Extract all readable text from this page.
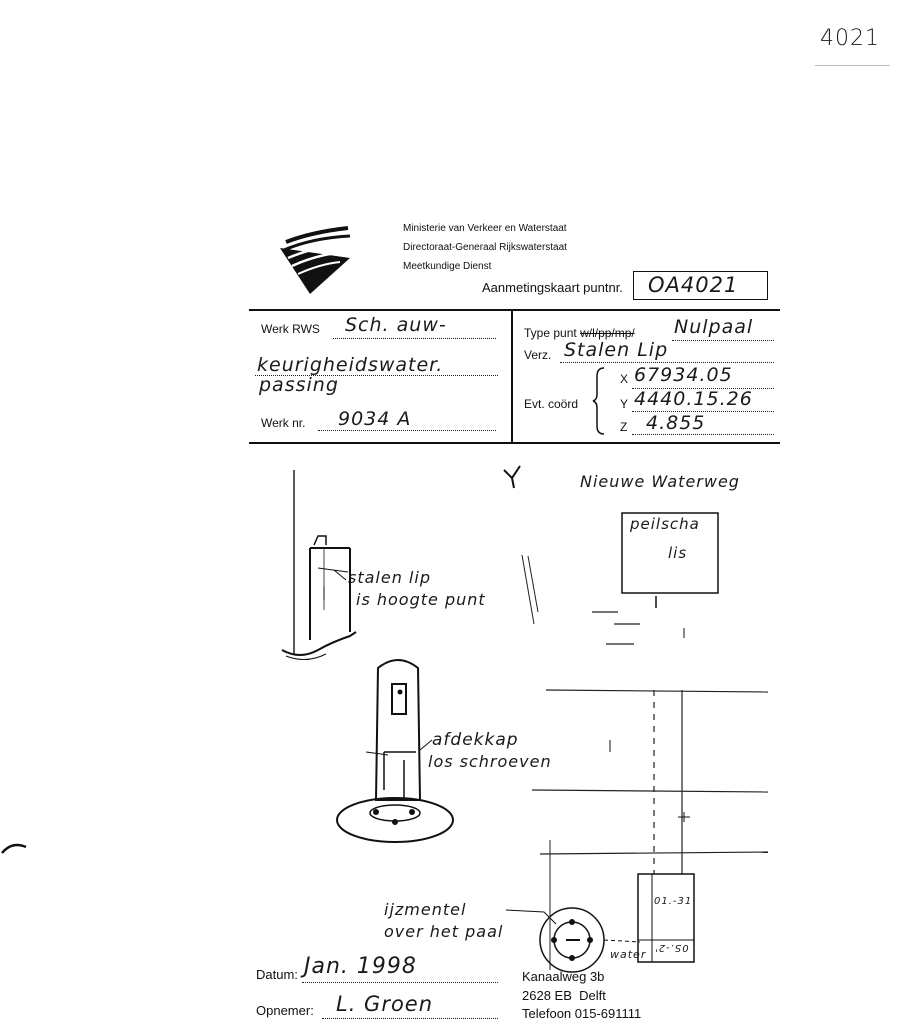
4021
Ministerie van Verkeer en Waterstaat
Directoraat-Generaal Rijkswaterstaat
Meetkundige Dienst
Aanmetingskaart puntnr. OA4021
Werk RWS Sch. auw-
keurigheidswater.
passing
Werk nr. 9034 A
Type punt w/l/pp/mp/ Nulpaal
Verz. Stalen Lip
Evt. coörd
X 67934.05
Y 4440.15.26
Z 4.855
Nieuwe Waterweg
peilscha
lis
stalen lip
is hoogte punt
afdekkap
los schroeven
ijzmentel
over het paal
water
01.-31
0S.-2'
Datum: Jan. 1998
Opnemer: L. Groen
Kanaalweg 3b
2628 EB  Delft
Telefoon 015-691111
